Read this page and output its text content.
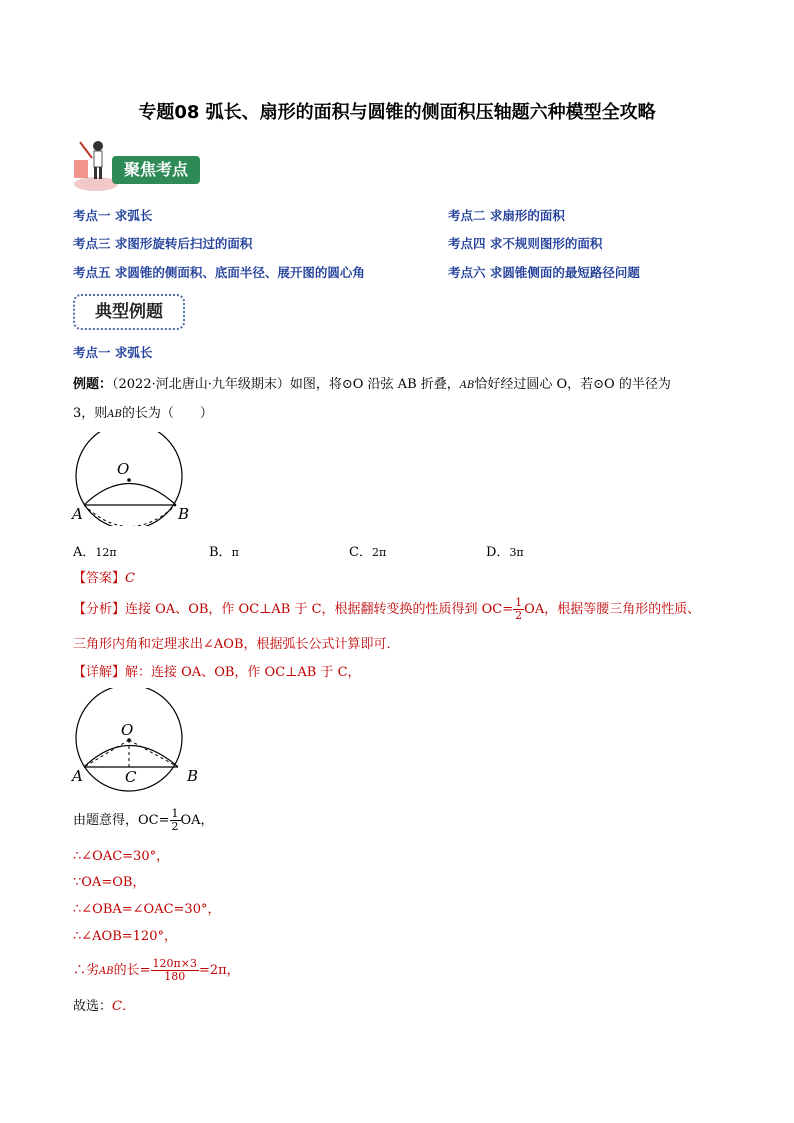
专题08 弧长、扇形的面积与圆锥的侧面积压轴题六种模型全攻略
聚焦考点
考点一 求弧长	考点二 求扇形的面积
考点三 求图形旋转后扫过的面积	考点四 求不规则图形的面积
考点五 求圆锥的侧面积、底面半径、展开图的圆心角	考点六 求圆锥侧面的最短路径问题
典型例题
考点一 求弧长
例题：（2022·河北唐山·九年级期末）如图，将⊙O 沿弦 AB 折叠，AB恰好经过圆心 O，若⊙O 的半径为
3，则AB的长为（　　）
O
A	B
A．12π	B．π	C．2π	D．3π
【答案】C
【分析】连接 OA、OB，作 OC⊥AB 于 C，根据翻转变换的性质得到 $OC= \frac{1}{2}$ OA，根据等腰三角形的性质、
三角形内角和定理求出∠AOB，根据弧长公式计算即可．
【详解】解：连接 OA、OB，作 OC⊥AB 于 C，
O
A	B
C
由题意得，$OC= \frac{1}{2}$ OA，
∴∠OAC=30°，
∵OA=OB，
∴∠OBA=∠OAC=30°，
∴∠AOB=120°，
∴劣AB的长= $\frac{120\pi\times 3}{180} =2\pi$，
故选：C．
